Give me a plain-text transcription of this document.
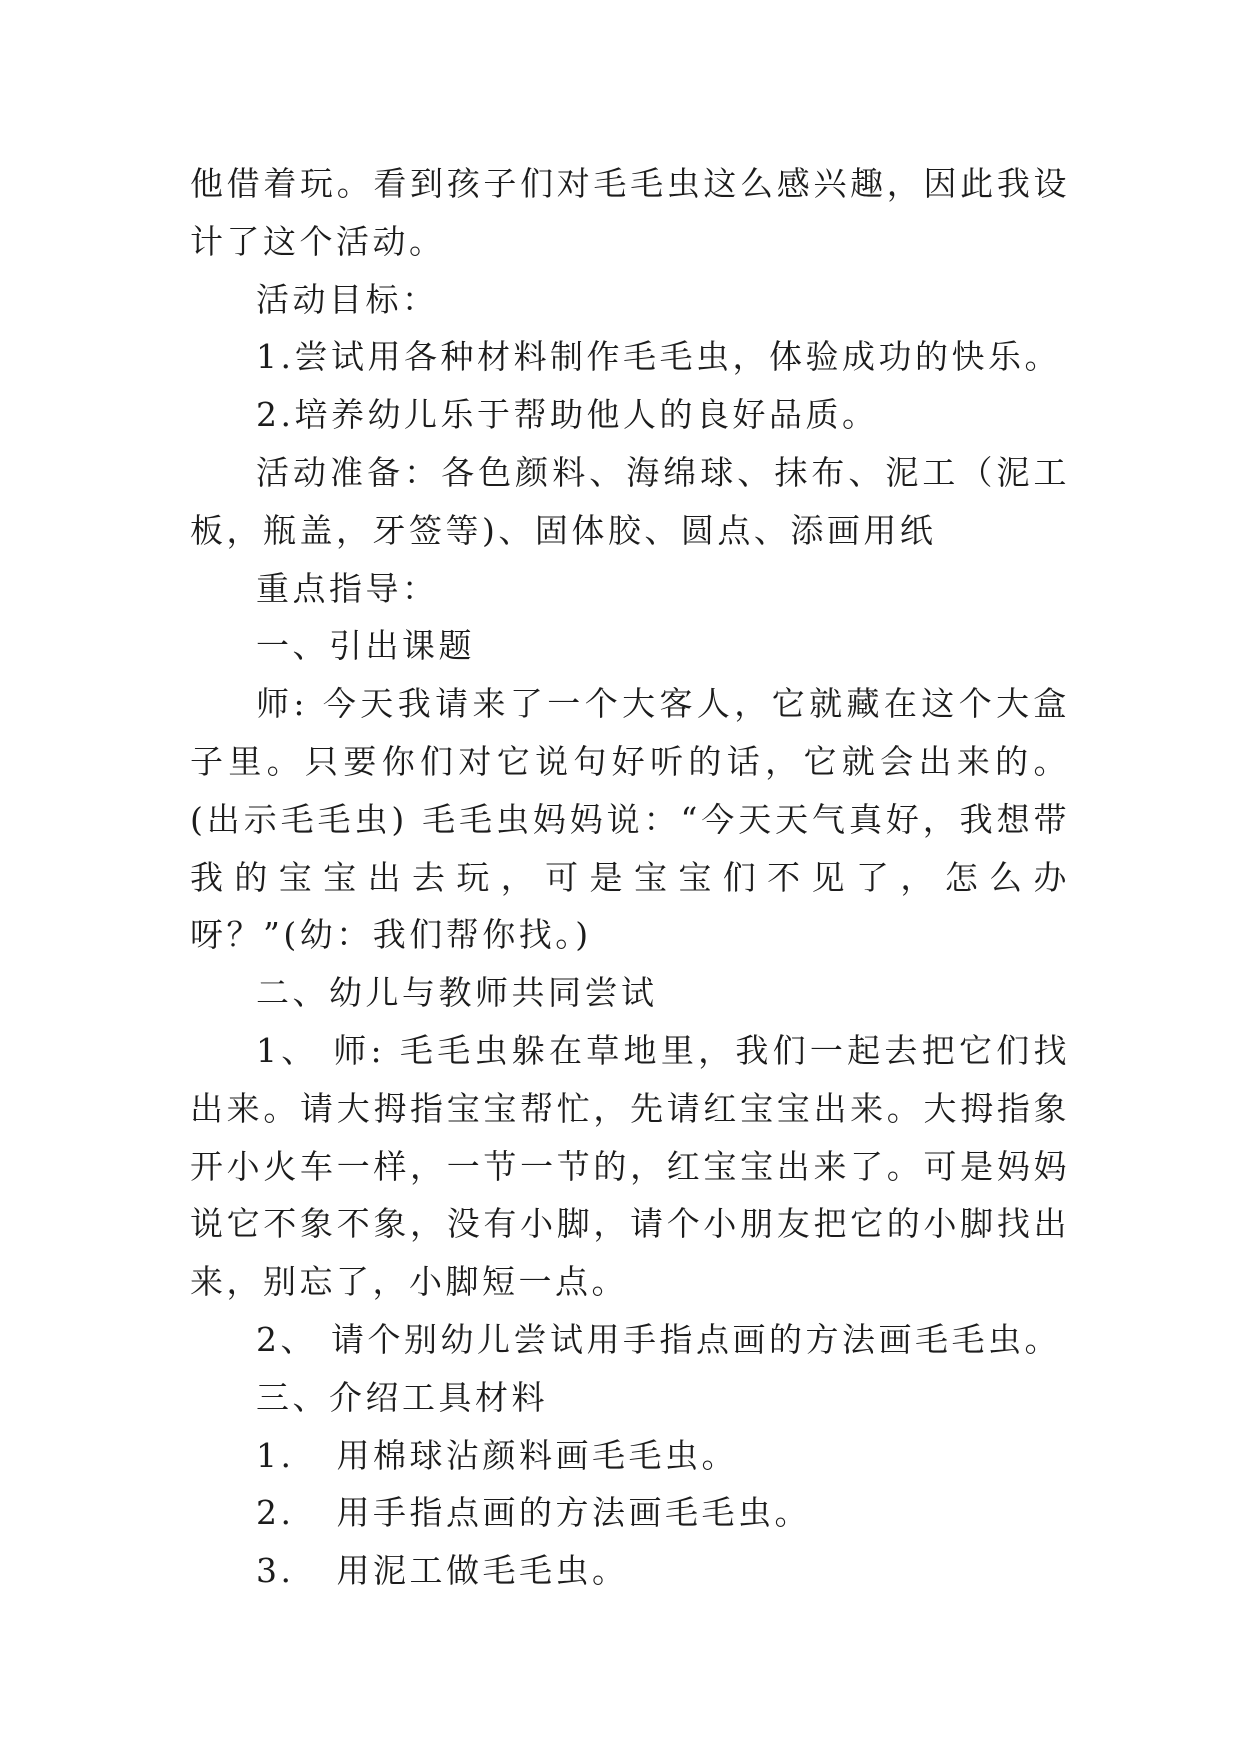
他借着玩。看到孩子们对毛毛虫这么感兴趣，因此我设计了这个活动。

活动目标：

1.尝试用各种材料制作毛毛虫，体验成功的快乐。

2.培养幼儿乐于帮助他人的良好品质。

活动准备：各色颜料、海绵球、抹布、泥工（泥工板，瓶盖，牙签等)、固体胶、圆点、添画用纸

重点指导：

一、引出课题

师: 今天我请来了一个大客人，它就藏在这个大盒子里。只要你们对它说句好听的话，它就会出来的。(出示毛毛虫) 毛毛虫妈妈说：“今天天气真好，我想带我的宝宝出去玩，可是宝宝们不见了，怎么办呀？”(幼：我们帮你找。)

二、幼儿与教师共同尝试

1、 师: 毛毛虫躲在草地里，我们一起去把它们找出来。请大拇指宝宝帮忙，先请红宝宝出来。大拇指象开小火车一样，一节一节的，红宝宝出来了。可是妈妈说它不象不象，没有小脚，请个小朋友把它的小脚找出来，别忘了，小脚短一点。

2、 请个别幼儿尝试用手指点画的方法画毛毛虫。

三、介绍工具材料

1.   用棉球沾颜料画毛毛虫。

2.   用手指点画的方法画毛毛虫。

3.   用泥工做毛毛虫。
